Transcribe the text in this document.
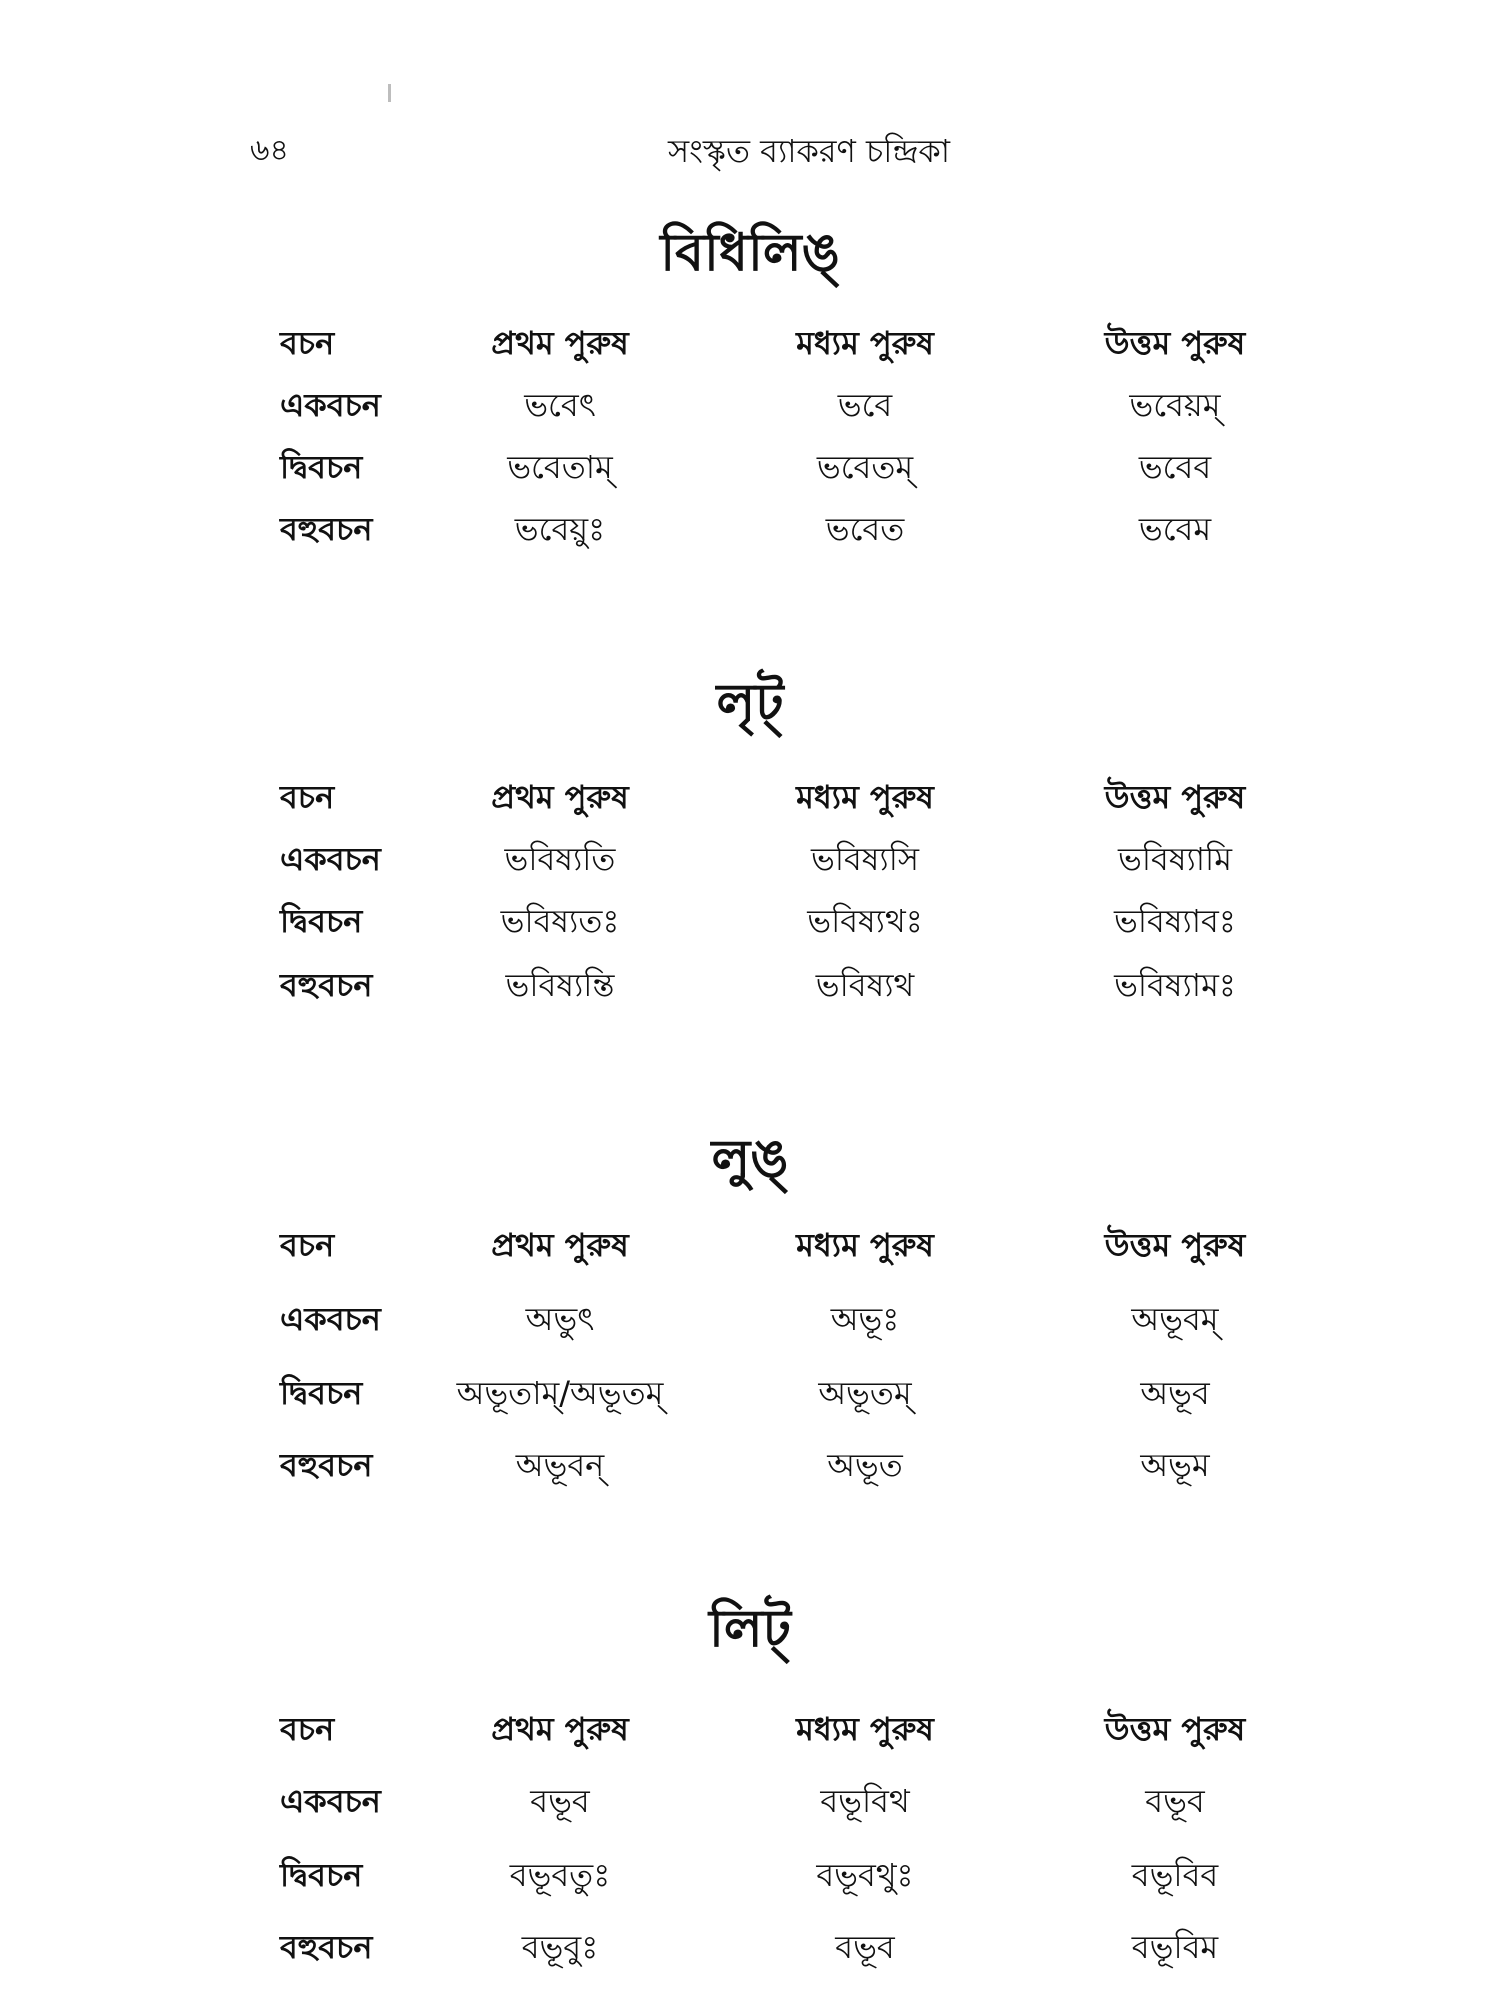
৬৪	সংস্কৃত ব্যাকরণ চন্দ্রিকা
বিধিলিঙ্
বচন	প্রথম পুরুষ	মধ্যম পুরুষ	উত্তম পুরুষ
একবচন	ভবেৎ	ভবে	ভবেয়ম্
দ্বিবচন	ভবেতাম্	ভবেতম্	ভবেব
বহুবচন	ভবেয়ুঃ	ভবেত	ভবেম
লৃট্
বচন	প্রথম পুরুষ	মধ্যম পুরুষ	উত্তম পুরুষ
একবচন	ভবিষ্যতি	ভবিষ্যসি	ভবিষ্যামি
দ্বিবচন	ভবিষ্যতঃ	ভবিষ্যথঃ	ভবিষ্যাবঃ
বহুবচন	ভবিষ্যন্তি	ভবিষ্যথ	ভবিষ্যামঃ
লুঙ্
বচন	প্রথম পুরুষ	মধ্যম পুরুষ	উত্তম পুরুষ
একবচন	অভুৎ	অভূঃ	অভূবম্
দ্বিবচন	অভূতাম্/অভূতম্	অভূতম্	অভূব
বহুবচন	অভূবন্	অভূত	অভূম
লিট্
বচন	প্রথম পুরুষ	মধ্যম পুরুষ	উত্তম পুরুষ
একবচন	বভূব	বভূবিথ	বভূব
দ্বিবচন	বভূবতুঃ	বভূবথুঃ	বভূবিব
বহুবচন	বভূবুঃ	বভূব	বভূবিম
